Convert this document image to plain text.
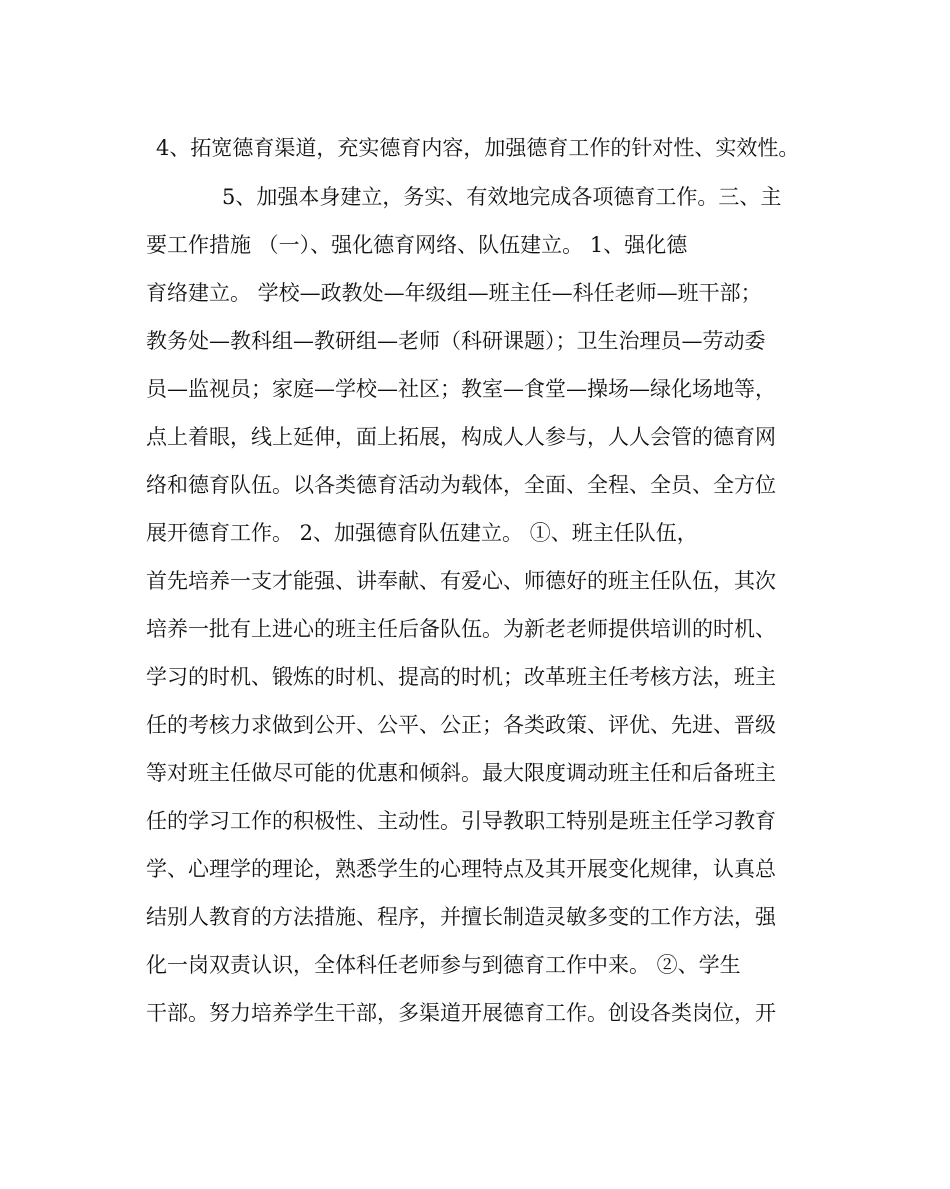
4、拓宽德育渠道，充实德育内容，加强德育工作的针对性、实效性。
5、加强本身建立，务实、有效地完成各项德育工作。三、主
要工作措施 （一）、强化德育网络、队伍建立。 1、强化德
育络建立。 学校—政教处—年级组—班主任—科任老师—班干部；
教务处—教科组—教研组—老师（科研课题）；卫生治理员—劳动委
员—监视员；家庭—学校—社区；教室—食堂—操场—绿化场地等，
点上着眼，线上延伸，面上拓展，构成人人参与，人人会管的德育网
络和德育队伍。以各类德育活动为载体，全面、全程、全员、全方位
展开德育工作。 2、加强德育队伍建立。 ①、班主任队伍，
首先培养一支才能强、讲奉献、有爱心、师德好的班主任队伍，其次
培养一批有上进心的班主任后备队伍。为新老老师提供培训的时机、
学习的时机、锻炼的时机、提高的时机；改革班主任考核方法，班主
任的考核力求做到公开、公平、公正；各类政策、评优、先进、晋级
等对班主任做尽可能的优惠和倾斜。最大限度调动班主任和后备班主
任的学习工作的积极性、主动性。引导教职工特别是班主任学习教育
学、心理学的理论，熟悉学生的心理特点及其开展变化规律，认真总
结别人教育的方法措施、程序，并擅长制造灵敏多变的工作方法，强
化一岗双责认识，全体科任老师参与到德育工作中来。 ②、学生
干部。努力培养学生干部，多渠道开展德育工作。创设各类岗位，开
